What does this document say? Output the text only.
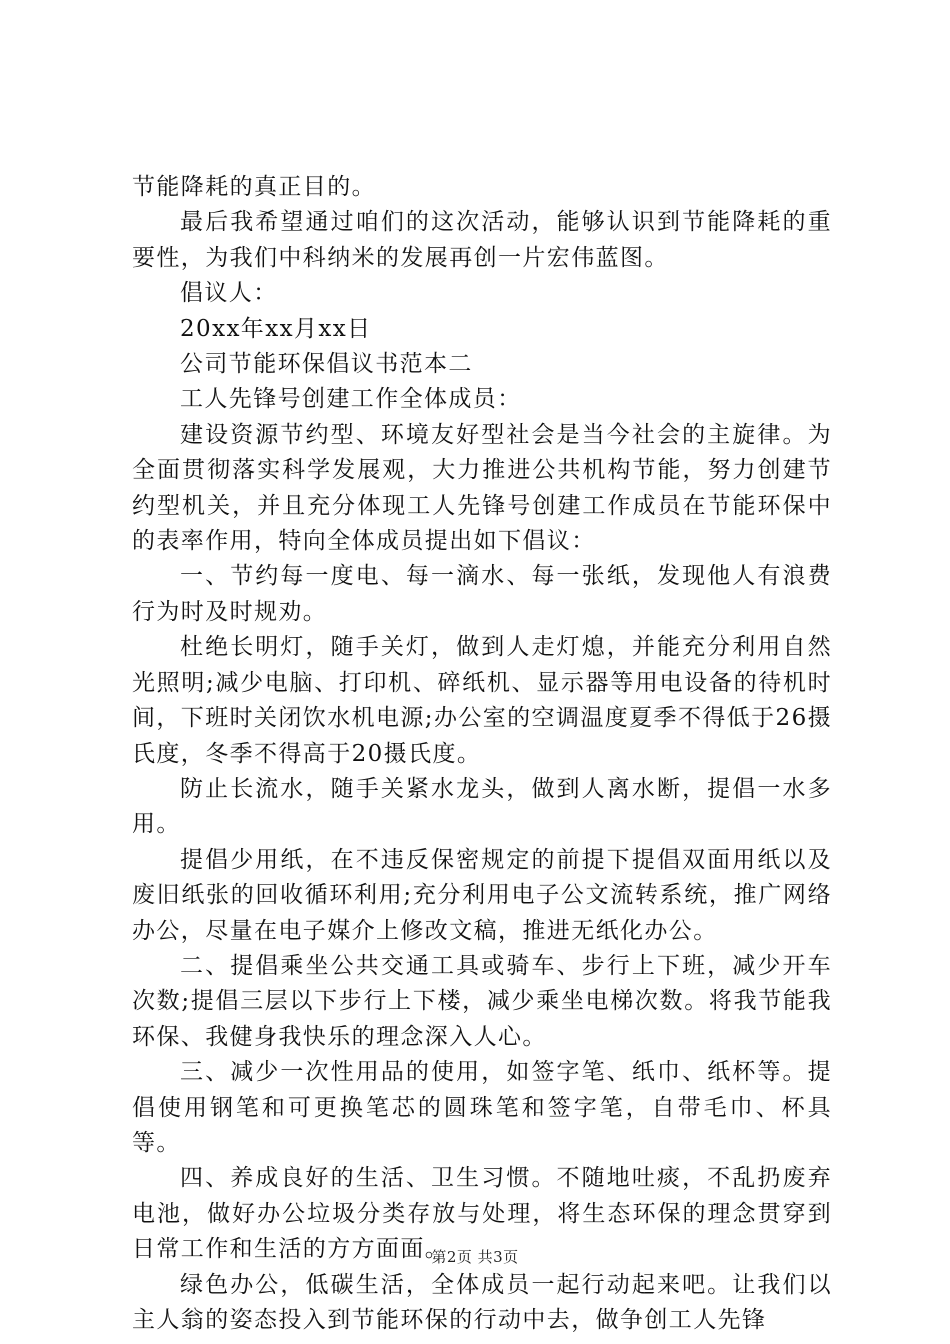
节能降耗的真正目的。

最后我希望通过咱们的这次活动，能够认识到节能降耗的重要性，为我们中科纳米的发展再创一片宏伟蓝图。

倡议人：

20xx年xx月xx日

公司节能环保倡议书范本二

工人先锋号创建工作全体成员：

建设资源节约型、环境友好型社会是当今社会的主旋律。为全面贯彻落实科学发展观，大力推进公共机构节能，努力创建节约型机关，并且充分体现工人先锋号创建工作成员在节能环保中的表率作用，特向全体成员提出如下倡议：

一、节约每一度电、每一滴水、每一张纸，发现他人有浪费行为时及时规劝。

杜绝长明灯，随手关灯，做到人走灯熄，并能充分利用自然光照明;减少电脑、打印机、碎纸机、显示器等用电设备的待机时间，下班时关闭饮水机电源;办公室的空调温度夏季不得低于26摄氏度，冬季不得高于20摄氏度。

防止长流水，随手关紧水龙头，做到人离水断，提倡一水多用。

提倡少用纸，在不违反保密规定的前提下提倡双面用纸以及废旧纸张的回收循环利用;充分利用电子公文流转系统，推广网络办公，尽量在电子媒介上修改文稿，推进无纸化办公。

二、提倡乘坐公共交通工具或骑车、步行上下班，减少开车次数;提倡三层以下步行上下楼，减少乘坐电梯次数。将我节能我环保、我健身我快乐的理念深入人心。

三、减少一次性用品的使用，如签字笔、纸巾、纸杯等。提倡使用钢笔和可更换笔芯的圆珠笔和签字笔，自带毛巾、杯具等。

四、养成良好的生活、卫生习惯。不随地吐痰，不乱扔废弃电池，做好办公垃圾分类存放与处理，将生态环保的理念贯穿到日常工作和生活的方方面面。

绿色办公，低碳生活，全体成员一起行动起来吧。让我们以主人翁的姿态投入到节能环保的行动中去，做争创工人先锋

第2页 共3页
